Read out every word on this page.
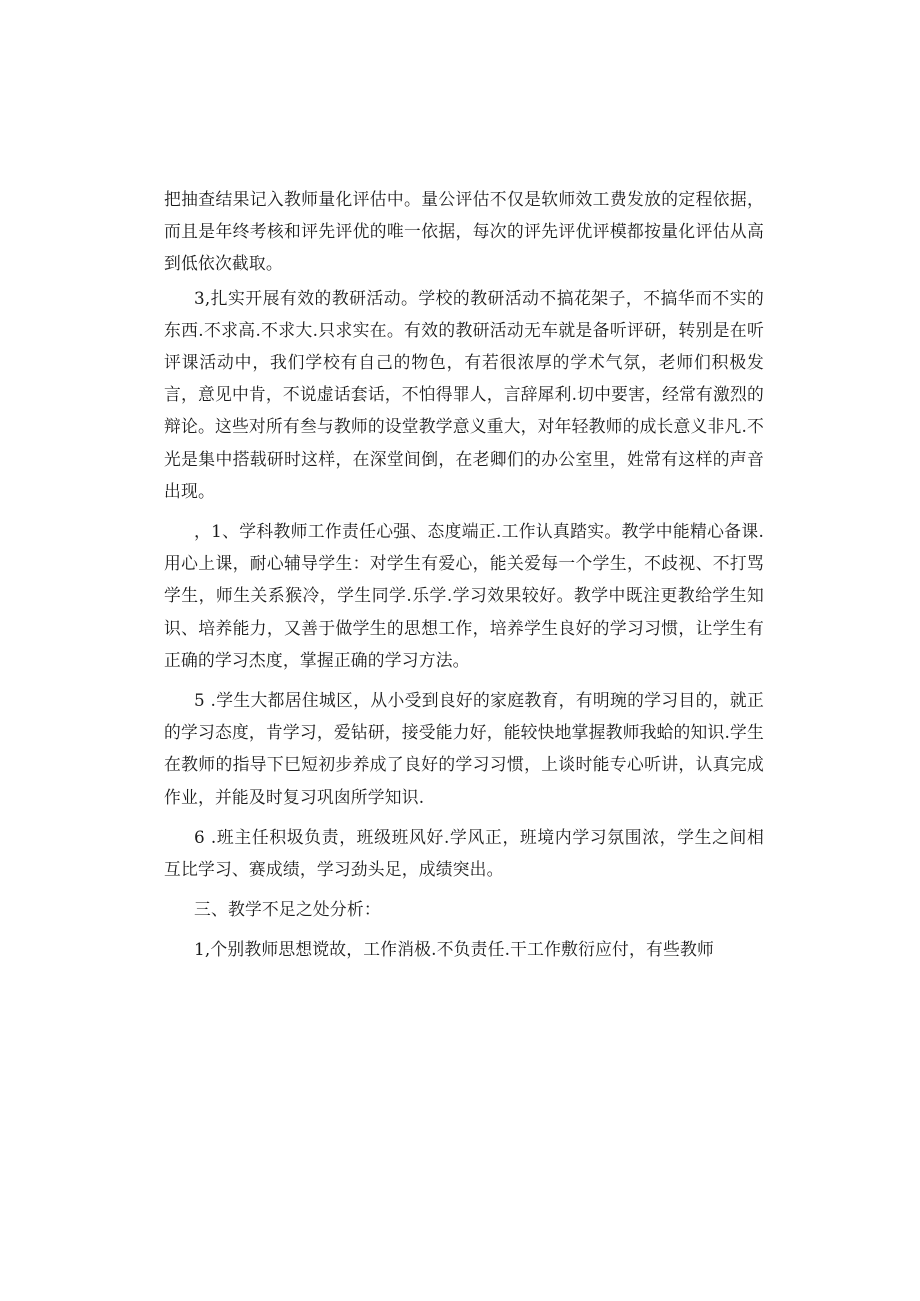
把抽查结果记入教师量化评估中。量公评估不仅是软师效工费发放的定程依据，而且是年终考核和评先评优的唯一依据，每次的评先评优评模都按量化评估从高到低依次截取。

3,扎实开展有效的教研活动。学校的教研活动不搞花架子，不搞华而不实的东西.不求高.不求大.只求实在。有效的教研活动无车就是备听评研，转别是在听评课活动中，我们学校有自己的物色，有若很浓厚的学术气氛，老师们积极发言，意见中肯，不说虚话套话，不怕得罪人，言辞犀利.切中要害，经常有激烈的辩论。这些对所有叁与教师的设堂教学意义重大，对年轻教师的成长意义非凡.不光是集中搭载研时这样，在深堂间倒，在老卿们的办公室里，姓常有这样的声音出现。

，1、学科教师工作责任心强、态度端正.工作认真踏实。教学中能精心备课.用心上课，耐心辅导学生：对学生有爱心，能关爱每一个学生，不歧视、不打骂学生，师生关系猴冷，学生同学.乐学.学习效果较好。教学中既注更教给学生知识、培养能力，又善于做学生的思想工作，培养学生良好的学习习惯，让学生有正确的学习杰度，掌握正确的学习方法。

5 .学生大都居住城区，从小受到良好的家庭教育，有明琬的学习目的，就正的学习态度，肯学习，爱钻研，接受能力好，能较快地掌握教师我蛤的知识.学生在教师的指导下巳短初步养成了良好的学习习惯，上谈时能专心听讲，认真完成作业，并能及时复习巩囱所学知识.

6 .班主任积圾负责，班级班风好.学风正，班境内学习氛围浓，学生之间相互比学习、赛成绩，学习劲头足，成绩突出。

三、教学不足之处分析：

1,个别教师思想谠故，工作消极.不负责任.干工作敷衍应付，有些教师
